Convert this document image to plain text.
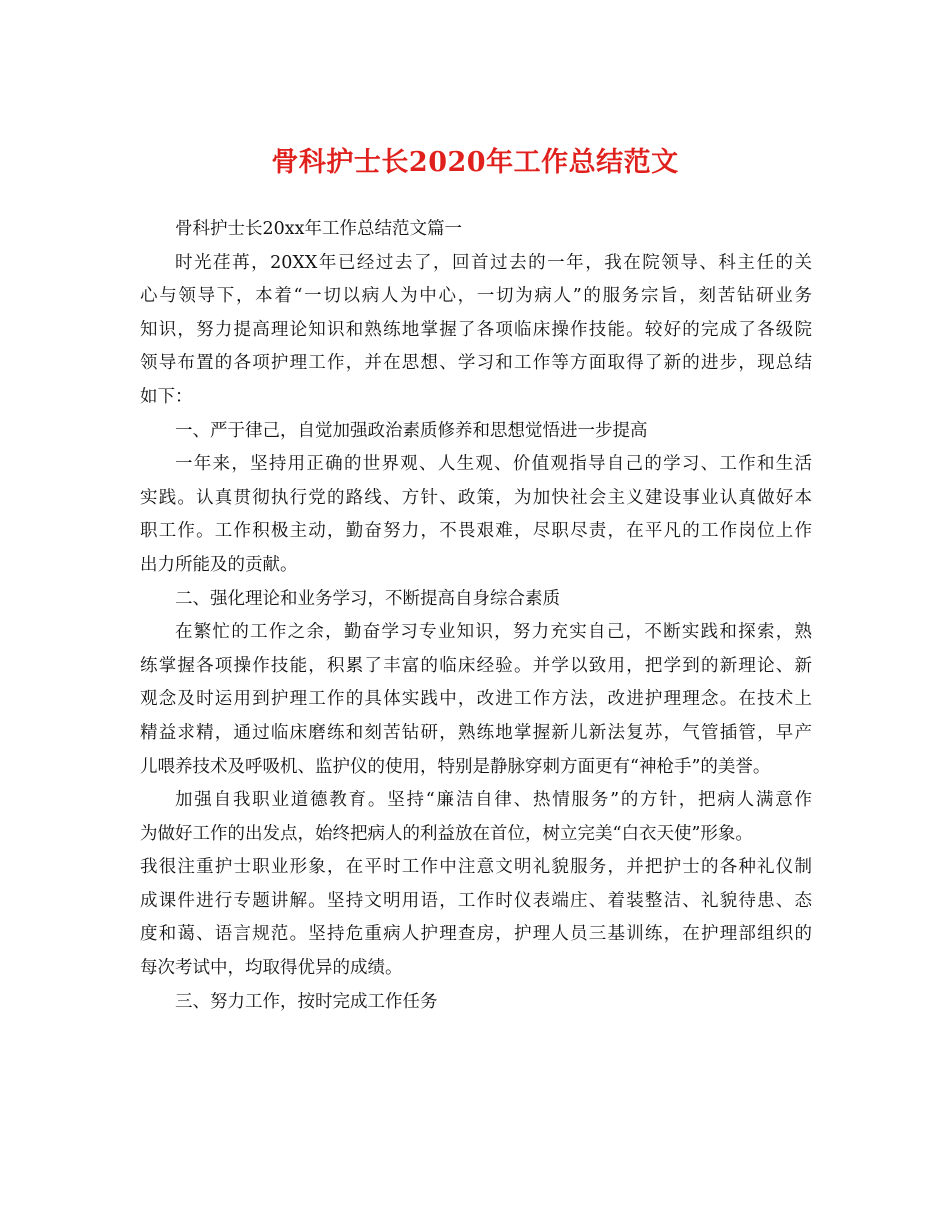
骨科护士长2020年工作总结范文
骨科护士长20xx年工作总结范文篇一
时光荏苒，20XX年已经过去了，回首过去的一年，我在院领导、科主任的关
心与领导下，本着“一切以病人为中心，一切为病人”的服务宗旨，刻苦钻研业务
知识，努力提高理论知识和熟练地掌握了各项临床操作技能。较好的完成了各级院
领导布置的各项护理工作，并在思想、学习和工作等方面取得了新的进步，现总结
如下：
一、严于律己，自觉加强政治素质修养和思想觉悟进一步提高
一年来，坚持用正确的世界观、人生观、价值观指导自己的学习、工作和生活
实践。认真贯彻执行党的路线、方针、政策，为加快社会主义建设事业认真做好本
职工作。工作积极主动，勤奋努力，不畏艰难，尽职尽责，在平凡的工作岗位上作
出力所能及的贡献。
二、强化理论和业务学习，不断提高自身综合素质
在繁忙的工作之余，勤奋学习专业知识，努力充实自己，不断实践和探索，熟
练掌握各项操作技能，积累了丰富的临床经验。并学以致用，把学到的新理论、新
观念及时运用到护理工作的具体实践中，改进工作方法，改进护理理念。在技术上
精益求精，通过临床磨练和刻苦钻研，熟练地掌握新儿新法复苏，气管插管，早产
儿喂养技术及呼吸机、监护仪的使用，特别是静脉穿刺方面更有“神枪手”的美誉。
加强自我职业道德教育。坚持“廉洁自律、热情服务”的方针，把病人满意作
为做好工作的出发点，始终把病人的利益放在首位，树立完美“白衣天使”形象。
我很注重护士职业形象，在平时工作中注意文明礼貌服务，并把护士的各种礼仪制
成课件进行专题讲解。坚持文明用语，工作时仪表端庄、着装整洁、礼貌待患、态
度和蔼、语言规范。坚持危重病人护理查房，护理人员三基训练，在护理部组织的
每次考试中，均取得优异的成绩。
三、努力工作，按时完成工作任务
